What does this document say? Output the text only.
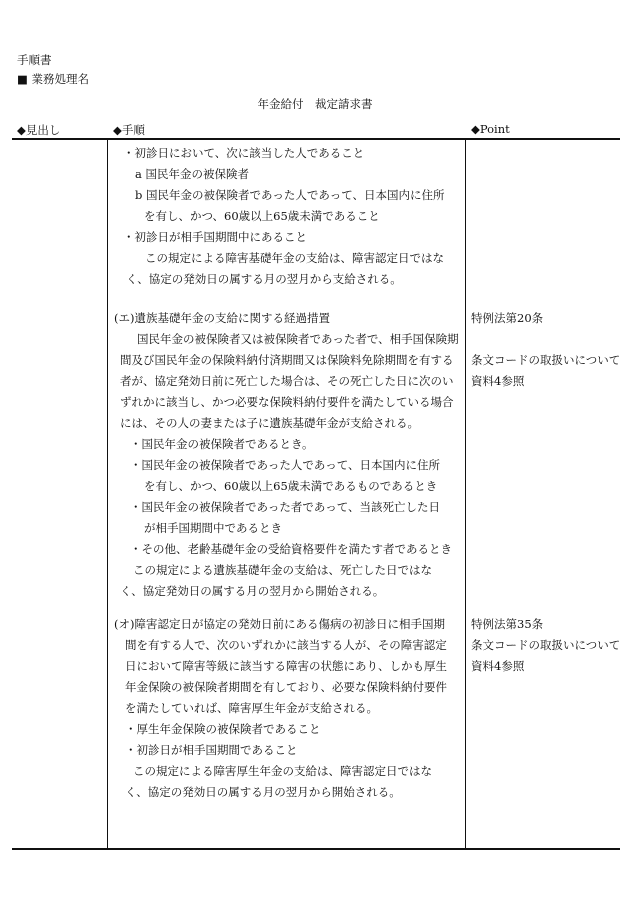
手順書
■ 業務処理名
年金給付　裁定請求書
◆見出し	◆手順	◆Point
・初診日において、次に該当した人であること
a 国民年金の被保険者
b 国民年金の被保険者であった人であって、日本国内に住所
を有し、かつ、60歳以上65歳未満であること
・初診日が相手国期間中にあること
この規定による障害基礎年金の支給は、障害認定日ではな
く、協定の発効日の属する月の翌月から支給される。
(エ)遺族基礎年金の支給に関する経過措置
国民年金の被保険者又は被保険者であった者で、相手国保険期
間及び国民年金の保険料納付済期間又は保険料免除期間を有する
者が、協定発効日前に死亡した場合は、その死亡した日に次のい
ずれかに該当し、かつ必要な保険料納付要件を満たしている場合
には、その人の妻または子に遺族基礎年金が支給される。
・国民年金の被保険者であるとき。
・国民年金の被保険者であった人であって、日本国内に住所
を有し、かつ、60歳以上65歳未満であるものであるとき
・国民年金の被保険者であった者であって、当該死亡した日
が相手国期間中であるとき
・その他、老齢基礎年金の受給資格要件を満たす者であるとき
この規定による遺族基礎年金の支給は、死亡した日ではな
く、協定発効日の属する月の翌月から開始される。
特例法第20条
条文コードの取扱いについて
資料4参照
(オ)障害認定日が協定の発効日前にある傷病の初診日に相手国期
間を有する人で、次のいずれかに該当する人が、その障害認定
日において障害等級に該当する障害の状態にあり、しかも厚生
年金保険の被保険者期間を有しており、必要な保険料納付要件
を満たしていれば、障害厚生年金が支給される。
・厚生年金保険の被保険者であること
・初診日が相手国期間であること
この規定による障害厚生年金の支給は、障害認定日ではな
く、協定の発効日の属する月の翌月から開始される。
特例法第35条
条文コードの取扱いについて
資料4参照
